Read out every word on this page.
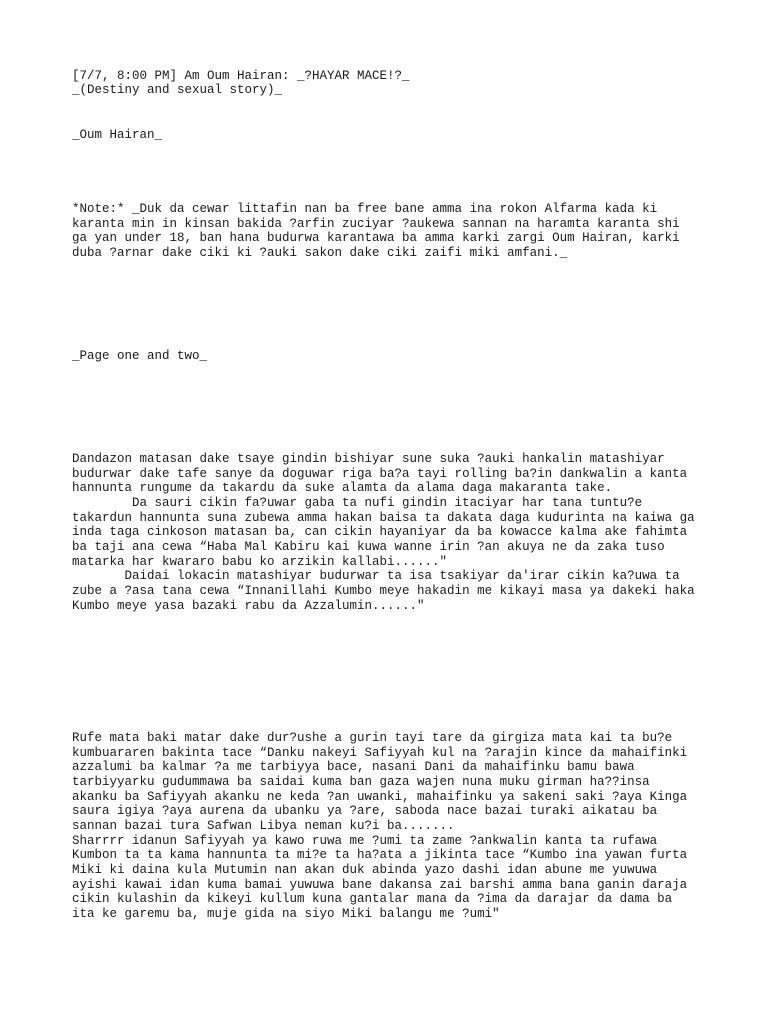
[7/7, 8:00 PM] Am Oum Hairan: _?HAYAR MACE!?_

_(Destiny and sexual story)_

_Oum Hairan_

*Note:* _Duk da cewar littafin nan ba free bane amma ina rokon Alfarma kada ki

karanta min in kinsan bakida ?arfin zuciyar ?aukewa sannan na haramta karanta shi

ga yan under 18, ban hana budurwa karantawa ba amma karki zargi Oum Hairan, karki

duba ?arnar dake ciki ki ?auki sakon dake ciki zaifi miki amfani._

_Page one and two_

Dandazon matasan dake tsaye gindin bishiyar sune suka ?auki hankalin matashiyar

budurwar dake tafe sanye da doguwar riga ba?a tayi rolling ba?in dankwalin a kanta

hannunta rungume da takardu da suke alamta da alama daga makaranta take.

Da sauri cikin fa?uwar gaba ta nufi gindin itaciyar har tana tuntu?e

takardun hannunta suna zubewa amma hakan baisa ta dakata daga kudurinta na kaiwa ga

inda taga cinkoson matasan ba, can cikin hayaniyar da ba kowacce kalma ake fahimta

ba taji ana cewa “Haba Mal Kabiru kai kuwa wanne irin ?an akuya ne da zaka tuso

matarka har kwararo babu ko arzikin kallabi......"

Daidai lokacin matashiyar budurwar ta isa tsakiyar da'irar cikin ka?uwa ta

zube a ?asa tana cewa “Innanillahi Kumbo meye hakadin me kikayi masa ya dakeki haka

Kumbo meye yasa bazaki rabu da Azzalumin......"

Rufe mata baki matar dake dur?ushe a gurin tayi tare da girgiza mata kai ta bu?e

kumbuararen bakinta tace “Danku nakeyi Safiyyah kul na ?arajin kince da mahaifinki

azzalumi ba kalmar ?a me tarbiyya bace, nasani Dani da mahaifinku bamu bawa

tarbiyyarku gudummawa ba saidai kuma ban gaza wajen nuna muku girman ha??insa

akanku ba Safiyyah akanku ne keda ?an uwanki, mahaifinku ya sakeni saki ?aya Kinga

saura igiya ?aya aurena da ubanku ya ?are, saboda nace bazai turaki aikatau ba

sannan bazai tura Safwan Libya neman ku?i ba.......

Sharrrr idanun Safiyyah ya kawo ruwa me ?umi ta zame ?ankwalin kanta ta rufawa

Kumbon ta ta kama hannunta ta mi?e ta ha?ata a jikinta tace “Kumbo ina yawan furta

Miki ki daina kula Mutumin nan akan duk abinda yazo dashi idan abune me yuwuwa

ayishi kawai idan kuma bamai yuwuwa bane dakansa zai barshi amma bana ganin daraja

cikin kulashin da kikeyi kullum kuna gantalar mana da ?ima da darajar da dama ba

ita ke garemu ba, muje gida na siyo Miki balangu me ?umi"
